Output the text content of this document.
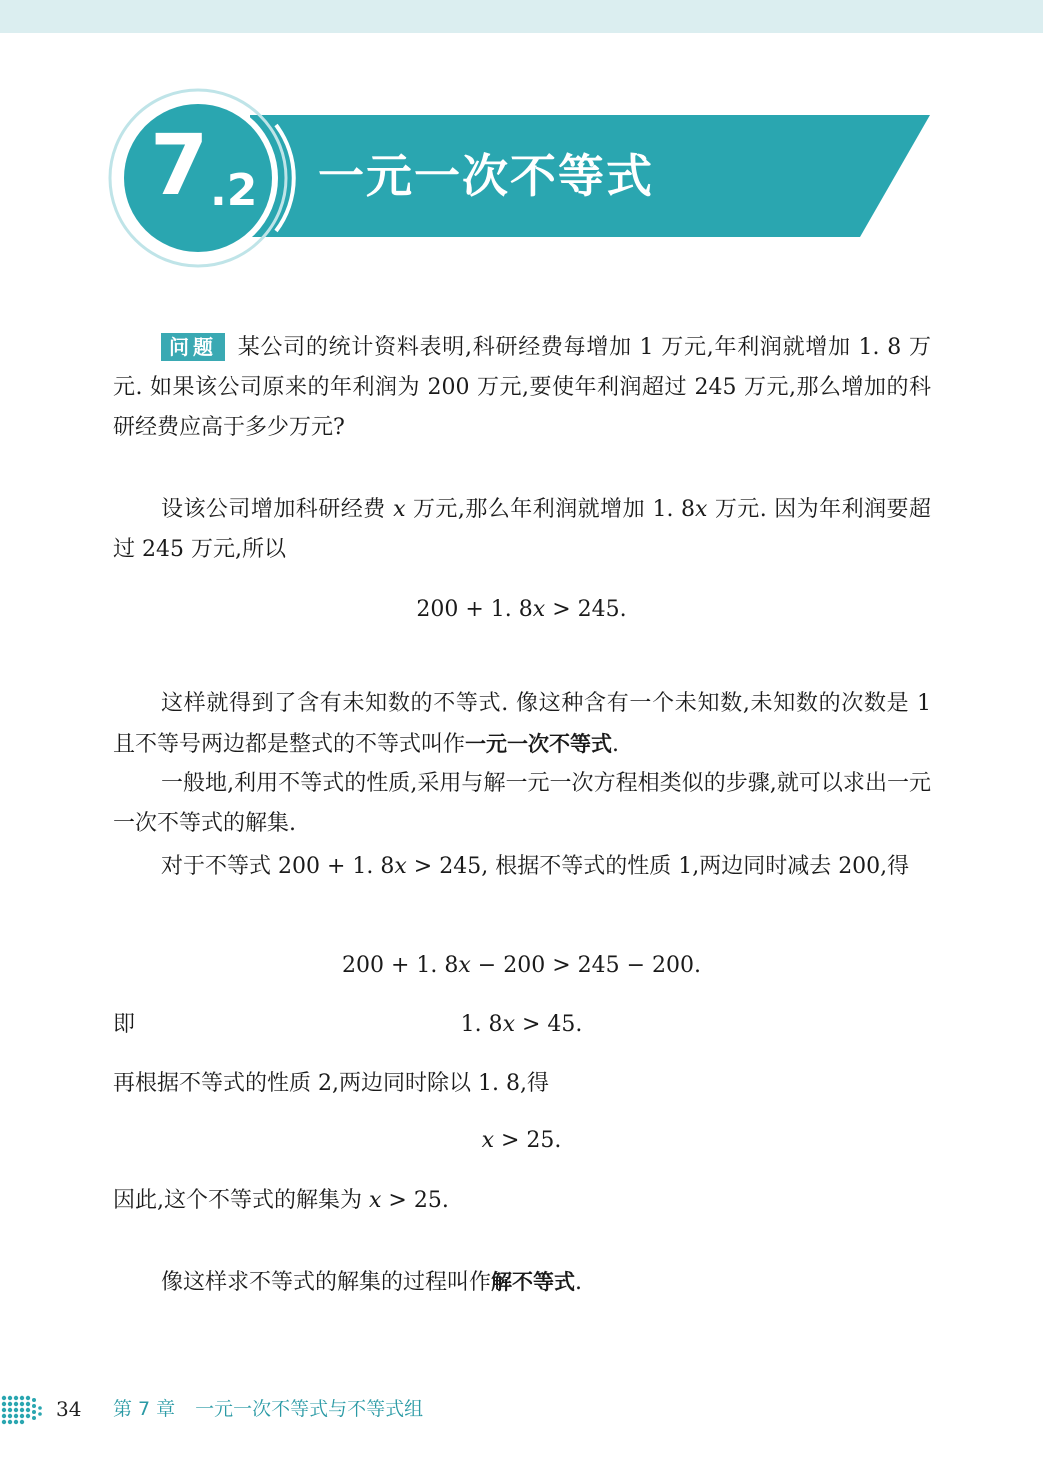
7 .2 一元一次不等式

问题 某公司的统计资料表明,科研经费每增加 1 万元,年利润就增加 1. 8 万元. 如果该公司原来的年利润为 200 万元,要使年利润超过 245 万元,那么增加的科研经费应高于多少万元?

设该公司增加科研经费 x 万元,那么年利润就增加 1. 8x 万元. 因为年利润要超过 245 万元,所以

200 + 1. 8x > 245.

这样就得到了含有未知数的不等式. 像这种含有一个未知数,未知数的次数是 1 且不等号两边都是整式的不等式叫作一元一次不等式.

一般地,利用不等式的性质,采用与解一元一次方程相类似的步骤,就可以求出一元一次不等式的解集.

对于不等式 200 + 1. 8x > 245, 根据不等式的性质 1,两边同时减去 200,得

200 + 1. 8x − 200 > 245 − 200.
即	1. 8x > 45.
再根据不等式的性质 2,两边同时除以 1. 8,得
x > 25.
因此,这个不等式的解集为 x > 25.

像这样求不等式的解集的过程叫作解不等式.

34 第 7 章 一元一次不等式与不等式组
